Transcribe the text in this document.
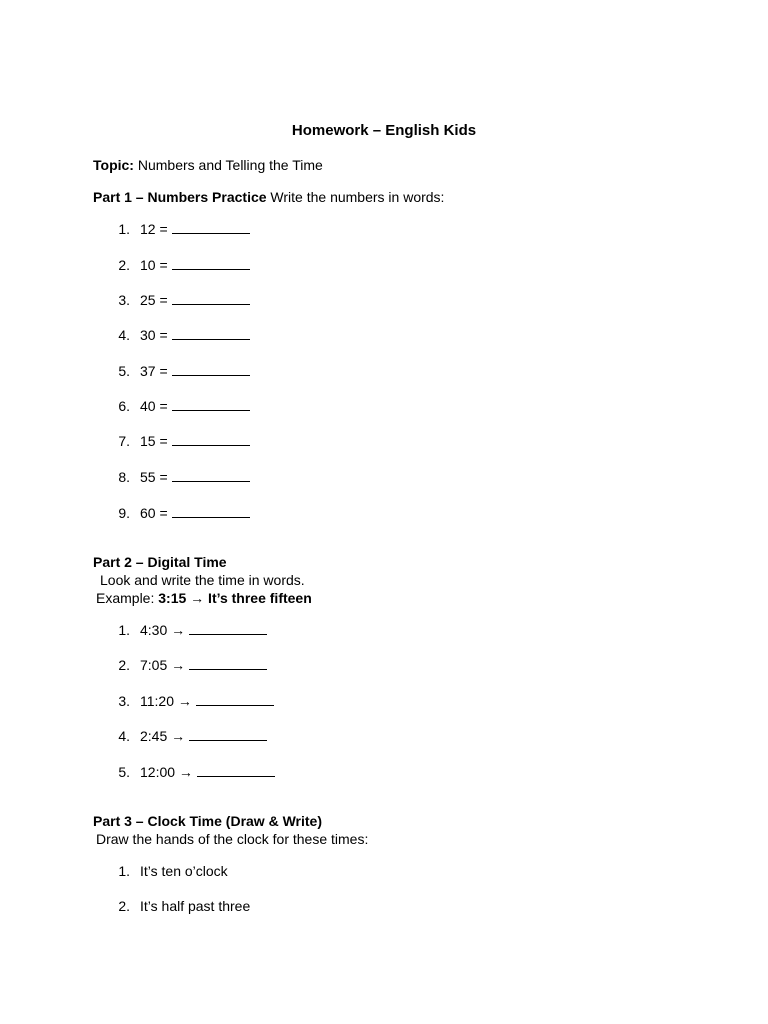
Homework – English Kids
Topic: Numbers and Telling the Time
Part 1 – Numbers Practice Write the numbers in words:
1. 12 =
2. 10 =
3. 25 =
4. 30 =
5. 37 =
6. 40 =
7. 15 =
8. 55 =
9. 60 =
Part 2 – Digital Time
Look and write the time in words.
Example: 3:15 → It’s three fifteen
1. 4:30 →
2. 7:05 →
3. 11:20 →
4. 2:45 →
5. 12:00 →
Part 3 – Clock Time (Draw & Write)
Draw the hands of the clock for these times:
1. It’s ten o’clock
2. It’s half past three
